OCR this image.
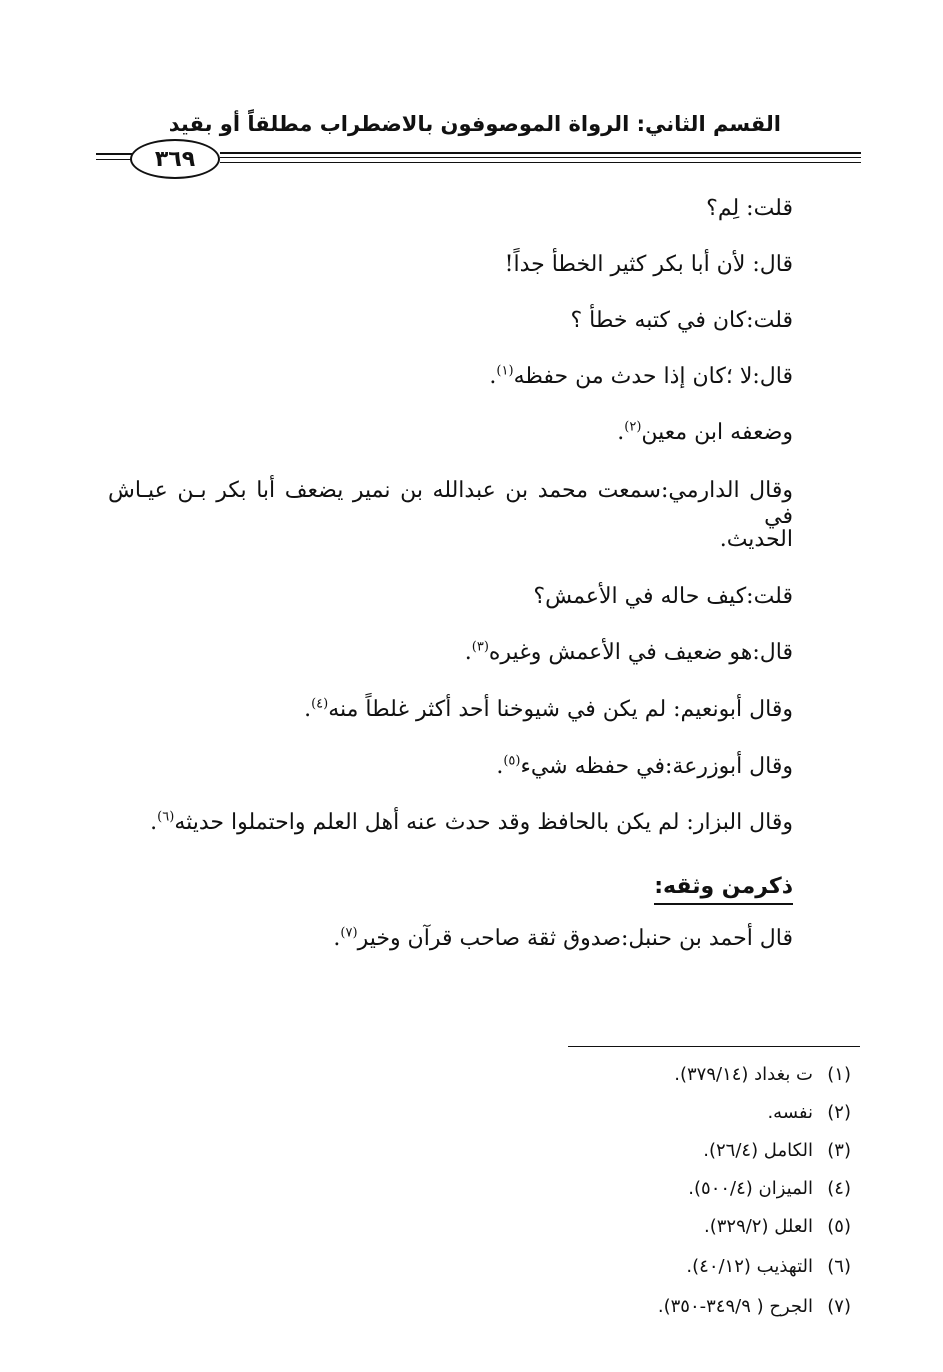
القسم الثاني: الرواة الموصوفون بالاضطراب مطلقاً أو بقيد
٣٦٩
قلت: لِم؟
قال: لأن أبا بكر كثير الخطأ جداً!
قلت:كان في كتبه خطأ ؟
قال:لا ؛كان إذا حدث من حفظه$^{(١)}$.
وضعفه ابن معين$^{(٢)}$.
وقال الدارمي:سمعت محمد بن عبدالله بن نمير يضعف أبا بكر بـن عيـاش في
الحديث.
قلت:كيف حاله في الأعمش؟
قال:هو ضعيف في الأعمش وغيره$^{(٣)}$.
وقال أبونعيم: لم يكن في شيوخنا أحد أكثر غلطاً منه$^{(٤)}$.
وقال أبوزرعة:في حفظه شيء$^{(٥)}$.
وقال البزار: لم يكن بالحافظ وقد حدث عنه أهل العلم واحتملوا حديثه$^{(٦)}$.
ذكرمن وثقه:
قال أحمد بن حنبل:صدوق ثقة صاحب قرآن وخير$^{(٧)}$.
(١)ت بغداد (٣٧٩/١٤).
(٢)نفسه.
(٣)الكامل (٢٦/٤).
(٤)الميزان (٥٠٠/٤).
(٥)العلل (٣٢٩/٢).
(٦)التهذيب (٤٠/١٢).
(٧)الجرح ( ٣٤٩/٩-٣٥٠).
